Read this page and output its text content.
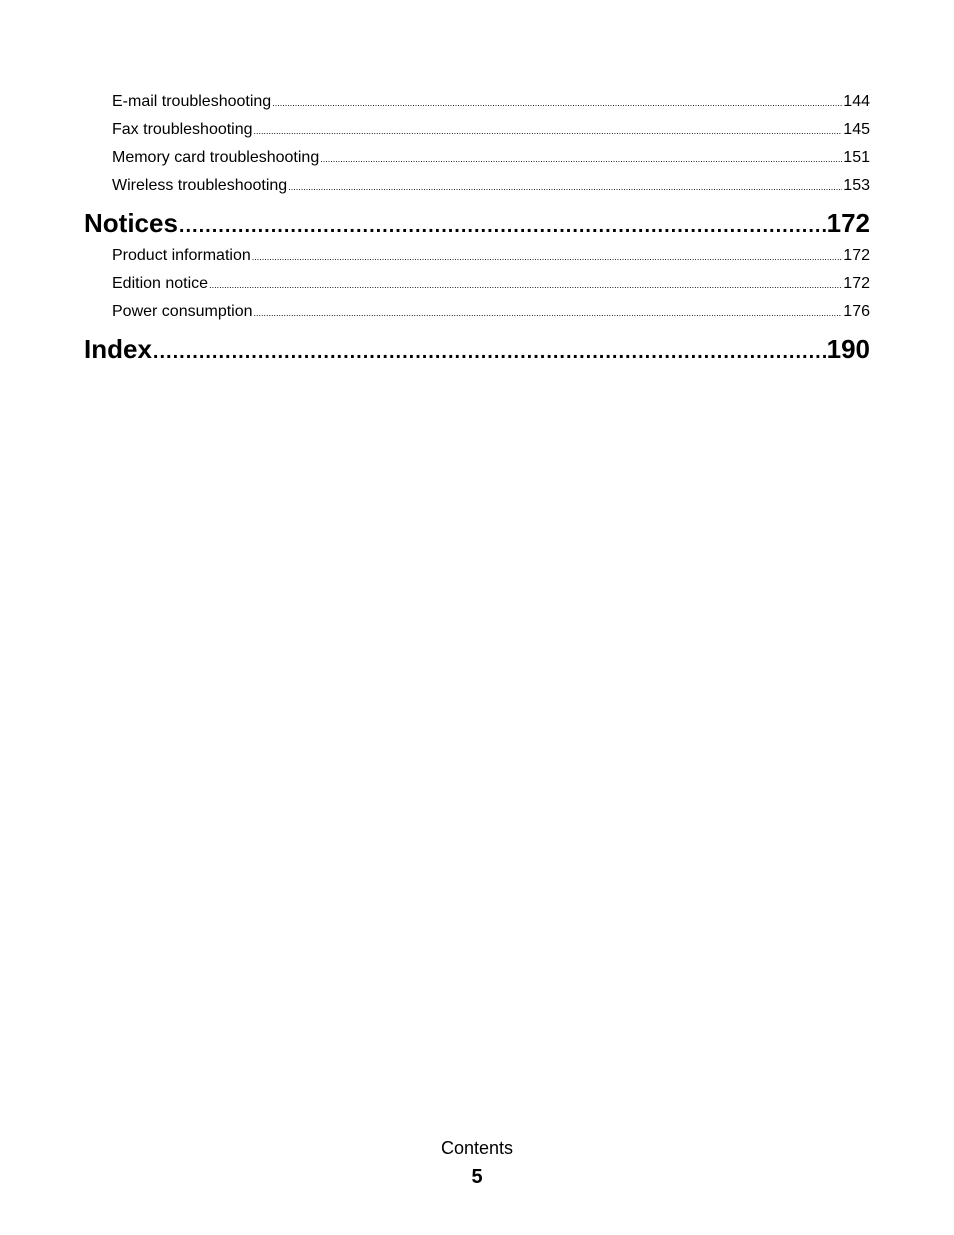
E-mail troubleshooting .....	144
Fax troubleshooting .....	145
Memory card troubleshooting .....	151
Wireless troubleshooting .....	153
Notices .....	172
Product information .....	172
Edition notice .....	172
Power consumption .....	176
Index .....	190
Contents
5
